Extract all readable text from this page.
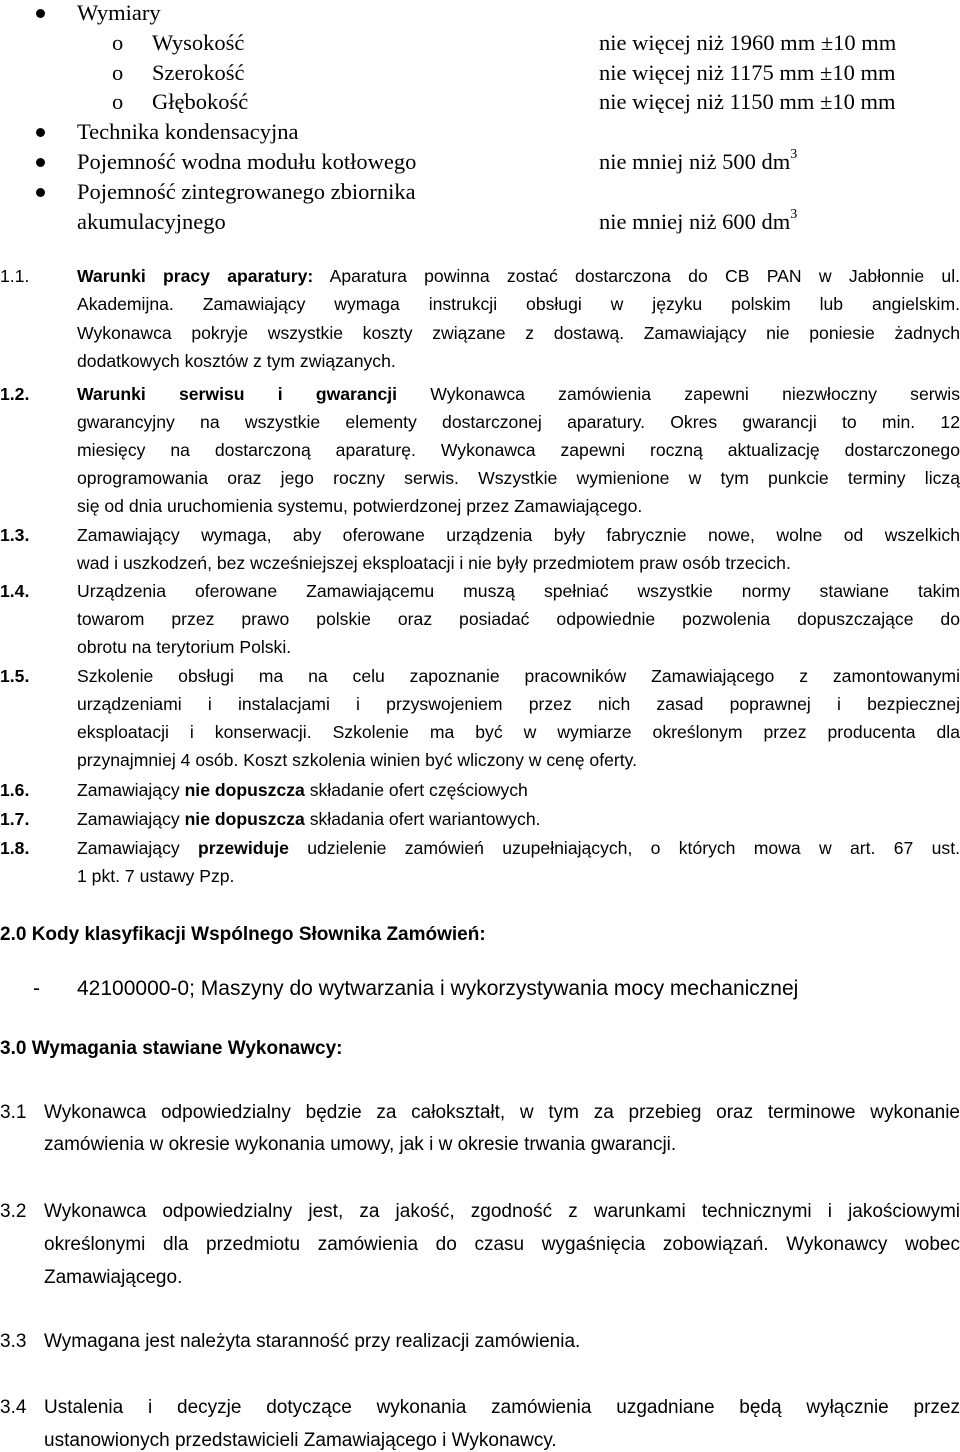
Wymiary
o Wysokość	nie więcej niż 1960 mm ±10 mm
o Szerokość	nie więcej niż 1175 mm ±10 mm
o Głębokość	nie więcej niż 1150 mm ±10 mm
Technika kondensacyjna
Pojemność wodna modułu kotłowego	nie mniej niż 500 $dm^3$
Pojemność zintegrowanego zbiornika
akumulacyjnego	nie mniej niż 600 $dm^3$
1.1.	Warunki pracy aparatury: Aparatura powinna zostać dostarczona do CB PAN w Jabłonnie ul.
Akademijna. Zamawiający wymaga instrukcji obsługi w języku polskim lub angielskim.
Wykonawca pokryje wszystkie koszty związane z dostawą. Zamawiający nie poniesie żadnych
dodatkowych kosztów z tym związanych.
1.2.	Warunki serwisu i gwarancji Wykonawca zamówienia zapewni niezwłoczny serwis
gwarancyjny na wszystkie elementy dostarczonej aparatury. Okres gwarancji to min. 12
miesięcy na dostarczoną aparaturę. Wykonawca zapewni roczną aktualizację dostarczonego
oprogramowania oraz jego roczny serwis. Wszystkie wymienione w tym punkcie terminy liczą
się od dnia uruchomienia systemu, potwierdzonej przez Zamawiającego.
1.3.	Zamawiający wymaga, aby oferowane urządzenia były fabrycznie nowe, wolne od wszelkich
wad i uszkodzeń, bez wcześniejszej eksploatacji i nie były przedmiotem praw osób trzecich.
1.4.	Urządzenia oferowane Zamawiającemu muszą spełniać wszystkie normy stawiane takim
towarom przez prawo polskie oraz posiadać odpowiednie pozwolenia dopuszczające do
obrotu na terytorium Polski.
1.5.	Szkolenie obsługi ma na celu zapoznanie pracowników Zamawiającego z zamontowanymi
urządzeniami i instalacjami i przyswojeniem przez nich zasad poprawnej i bezpiecznej
eksploatacji i konserwacji. Szkolenie ma być w wymiarze określonym przez producenta dla
przynajmniej 4 osób. Koszt szkolenia winien być wliczony w cenę oferty.
1.6.	Zamawiający nie dopuszcza składanie ofert częściowych
1.7.	Zamawiający nie dopuszcza składania ofert wariantowych.
1.8.	Zamawiający przewiduje udzielenie zamówień uzupełniających, o których mowa w art. 67 ust.
1 pkt. 7 ustawy Pzp.
2.0 Kody klasyfikacji Wspólnego Słownika Zamówień:
- 42100000-0; Maszyny do wytwarzania i wykorzystywania mocy mechanicznej
3.0 Wymagania stawiane Wykonawcy:
3.1 Wykonawca odpowiedzialny będzie za całokształt, w tym za przebieg oraz terminowe wykonanie
zamówienia w okresie wykonania umowy, jak i w okresie trwania gwarancji.
3.2 Wykonawca odpowiedzialny jest, za jakość, zgodność z warunkami technicznymi i jakościowymi
określonymi dla przedmiotu zamówienia do czasu wygaśnięcia zobowiązań. Wykonawcy wobec
Zamawiającego.
3.3 Wymagana jest należyta staranność przy realizacji zamówienia.
3.4 Ustalenia i decyzje dotyczące wykonania zamówienia uzgadniane będą wyłącznie przez
ustanowionych przedstawicieli Zamawiającego i Wykonawcy.
